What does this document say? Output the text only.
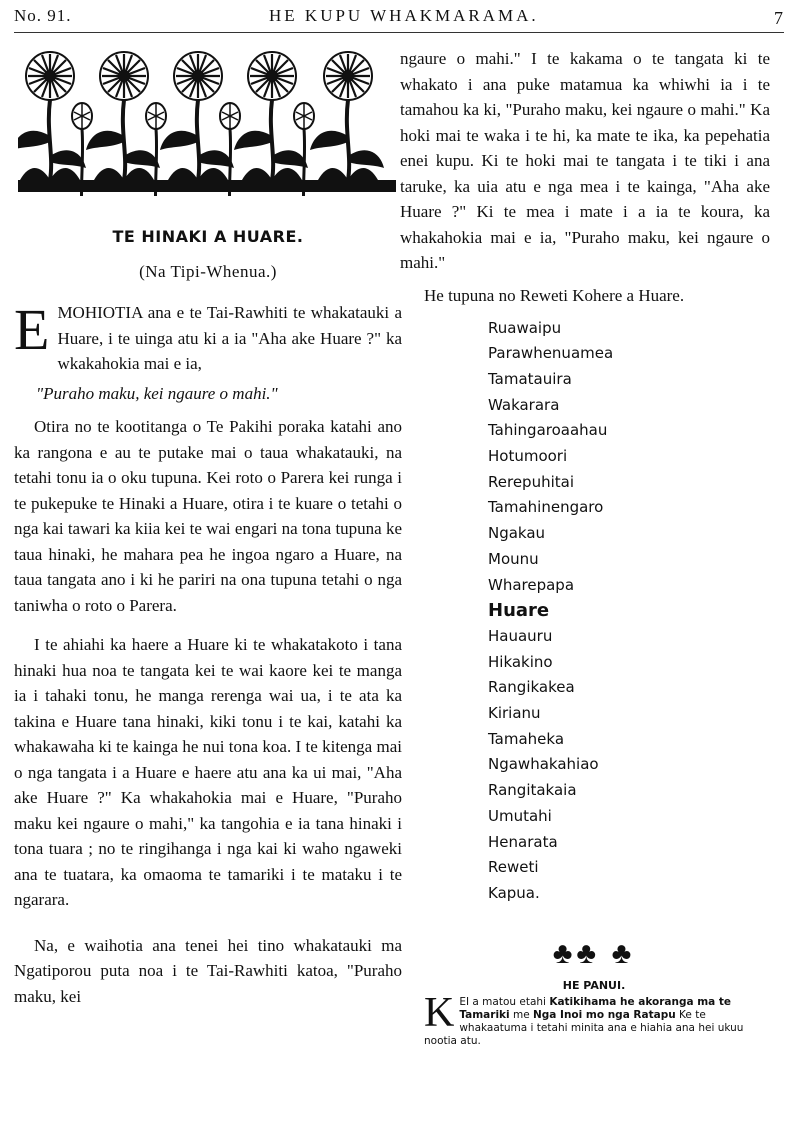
No. 91.	HE KUPU WHAKMARAMA.	7
TE HINAKI A HUARE.
(Na Tipi-Whenua.)

EMOHIOTIA ana e te Tai-Rawhiti te whakatauki a Huare, i te uinga atu ki a ia "Aha ake Huare ?" ka wkakahokia mai e ia,

"Puraho maku, kei ngaure o mahi."

Otira no te kootitanga o Te Pakihi poraka katahi ano ka rangona e au te putake mai o taua whakatauki, na tetahi tonu ia o oku tupuna. Kei roto o Parera kei runga i te pukepuke te Hinaki a Huare, otira i te kuare o tetahi o nga kai tawari ka kiia kei te wai engari na tona tupuna ke taua hinaki, he mahara pea he ingoa ngaro a Huare, na taua tangata ano i ki he pariri na ona tupuna tetahi o nga taniwha o roto o Parera.

I te ahiahi ka haere a Huare ki te whakatakoto i tana hinaki hua noa te tangata kei te wai kaore kei te manga ia i tahaki tonu, he manga rerenga wai ua, i te ata ka takina e Huare tana hinaki, kiki tonu i te kai, katahi ka whakawaha ki te kainga he nui tona koa. I te kitenga mai o nga tangata i a Huare e haere atu ana ka ui mai, "Aha ake Huare ?" Ka whakahokia mai e Huare, "Puraho maku kei ngaure o mahi," ka tangohia e ia tana hinaki i tona tuara ; no te ringihanga i nga kai ki waho ngaweki ana te tuatara, ka omaoma te tamariki i te mataku i te ngarara.

Na, e waihotia ana tenei hei tino whakatauki ma Ngatiporou puta noa i te Tai-Rawhiti katoa, "Puraho maku, kei

ngaure o mahi." I te kakama o te tangata ki te whakato i ana puke matamua ka whiwhi ia i te tamahou ka ki, "Puraho maku, kei ngaure o mahi." Ka hoki mai te waka i te hi, ka mate te ika, ka pepehatia enei kupu. Ki te hoki mai te tangata i te tiki i ana taruke, ka uia atu e nga mea i te kainga, "Aha ake Huare ?" Ki te mea i mate i a ia te koura, ka whakahokia mai e ia, "Puraho maku, kei ngaure o mahi."

He tupuna no Reweti Kohere a Huare.
Ruawaipu
Parawhenuamea
Tamatauira
Wakarara
Tahingaroaahau
Hotumoori
Rerepuhitai
Tamahinengaro
Ngakau
Mounu
Wharepapa
Huare
Hauauru
Hikakino
Rangikakea
Kirianu
Tamaheka
Ngawhakahiao
Rangitakaia
Umutahi
Henarata
Reweti
Kapua.
♣♣ ♣
HE PANUI.
KEI a matou etahi Katikihama he akoranga ma te Tamariki me Nga Inoi mo nga Ratapu Ke te whakaatuma i tetahi minita ana e hiahia ana hei ukuu nootia atu.
